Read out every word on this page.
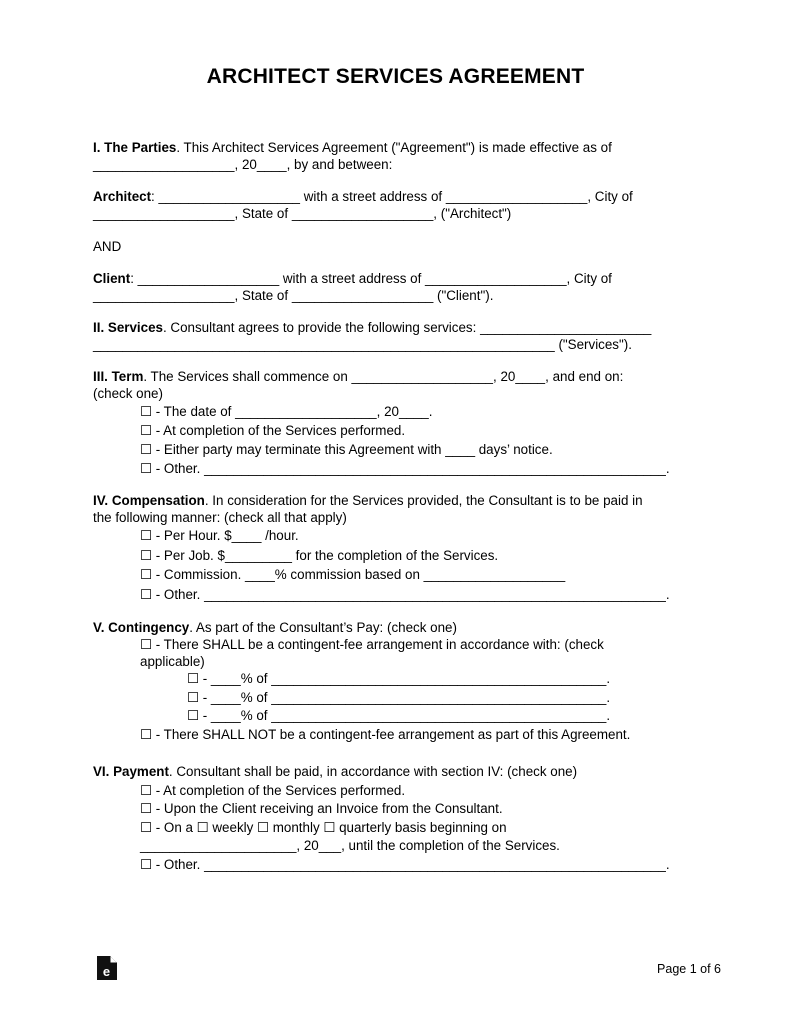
ARCHITECT SERVICES AGREEMENT
I. The Parties. This Architect Services Agreement ("Agreement") is made effective as of
___________________, 20____, by and between:
Architect: ___________________ with a street address of ___________________, City of
___________________, State of ___________________, ("Architect")
AND
Client: ___________________ with a street address of ___________________, City of
___________________, State of ___________________ ("Client").
II. Services. Consultant agrees to provide the following services: _______________________
______________________________________________________________ ("Services").
III. Term. The Services shall commence on ___________________, 20____, and end on:
(check one)
☐ - The date of ___________________, 20____.
☐ - At completion of the Services performed.
☐ - Either party may terminate this Agreement with ____ days’ notice.
☐ - Other. ______________________________________________________________.
IV. Compensation. In consideration for the Services provided, the Consultant is to be paid in
the following manner: (check all that apply)
☐ - Per Hour. $____ /hour.
☐ - Per Job. $_________ for the completion of the Services.
☐ - Commission. ____% commission based on ___________________
☐ - Other. ______________________________________________________________.
V. Contingency. As part of the Consultant’s Pay: (check one)
☐ - There SHALL be a contingent-fee arrangement in accordance with: (check
applicable)
☐ - ____% of _____________________________________________.
☐ - ____% of _____________________________________________.
☐ - ____% of _____________________________________________.
☐ - There SHALL NOT be a contingent-fee arrangement as part of this Agreement.
VI. Payment. Consultant shall be paid, in accordance with section IV: (check one)
☐ - At completion of the Services performed.
☐ - Upon the Client receiving an Invoice from the Consultant.
☐ - On a ☐ weekly ☐ monthly ☐ quarterly basis beginning on
_____________________, 20___, until the completion of the Services.
☐ - Other. ______________________________________________________________.
e	Page 1 of 6
